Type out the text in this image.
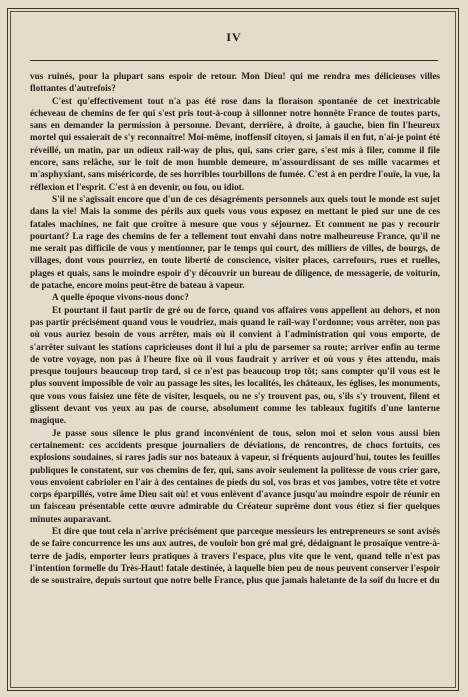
IV

vus ruinés, pour la plupart sans espoir de retour. Mon Dieu! qui me rendra mes délicieuses villes flottantes d'autrefois?

C'est qu'effectivement tout n'a pas été rose dans la floraison spontanée de cet inextricable écheveau de chemins de fer qui s'est pris tout-à-coup à sillonner notre honnête France de toutes parts, sans en demander la permission à personne. Devant, derrière, à droite, à gauche, bien fin l'heureux mortel qui essaierait de s'y reconnaître! Moi-même, inoffensif citoyen, si jamais il en fut, n'ai-je point été réveillé, un matin, par un odieux rail-way de plus, qui, sans crier gare, s'est mis à filer, comme il file encore, sans relâche, sur le toit de mon humble demeure, m'assourdissant de ses mille vacarmes et m'asphyxiant, sans miséricorde, de ses horribles tourbillons de fumée. C'est à en perdre l'ouïe, la vue, la réflexion et l'esprit. C'est à en devenir, ou fou, ou idiot.

S'il ne s'agissait encore que d'un de ces désagréments personnels aux quels tout le monde est sujet dans la vie! Mais la somme des périls aux quels vous vous exposez en mettant le pied sur une de ces fatales machines, ne fait que croître à mesure que vous y séjournez. Et comment ne pas y recourir pourtant? La rage des chemins de fer a tellement tout envahi dans notre malheureuse France, qu'il ne me serait pas difficile de vous y mentionner, par le temps qui court, des milliers de villes, de bourgs, de villages, dont vous pourriez, en toute liberté de conscience, visiter places, carrefours, rues et ruelles, plages et quais, sans le moindre espoir d'y découvrir un bureau de diligence, de messagerie, de voiturin, de patache, encore moins peut-être de bateau à vapeur.

A quelle époque vivons-nous donc?

Et pourtant il faut partir de gré ou de force, quand vos affaires vous appellent au dehors, et non pas partir précisément quand vous le voudriez, mais quand le rail-way l'ordonne; vous arrêter, non pas où vous auriez besoin de vous arrêter, mais où il convient à l'administration qui vous emporte, de s'arrêter suivant les stations capricieuses dont il lui a plu de parsemer sa route; arriver enfin au terme de votre voyage, non pas à l'heure fixe où il vous faudrait y arriver et où vous y êtes attendu, mais presque toujours beaucoup trop tard, si ce n'est pas beaucoup trop tôt; sans compter qu'il vous est le plus souvent impossible de voir au passage les sites, les localités, les châteaux, les églises, les monuments, que vous vous faisiez une fête de visiter, lesquels, ou ne s'y trouvent pas, ou, s'ils s'y trouvent, filent et glissent devant vos yeux au pas de course, absolument comme les tableaux fugitifs d'une lanterne magique.

Je passe sous silence le plus grand inconvénient de tous, selon moi et selon vous aussi bien certainement: ces accidents presque journaliers de déviations, de rencontres, de chocs fortuits, ces explosions soudaines, si rares jadis sur nos bateaux à vapeur, si fréquents aujourd'hui, toutes les feuilles publiques le constatent, sur vos chemins de fer, qui, sans avoir seulement la politesse de vous crier gare, vous envoient cabrioler en l'air à des centaines de pieds du sol, vos bras et vos jambes, votre tête et votre corps éparpillés, votre âme Dieu sait où! et vous enlèvent d'avance jusqu'au moindre espoir de réunir en un faisceau présentable cette œuvre admirable du Créateur suprême dont vous étiez si fier quelques minutes auparavant.

Et dire que tout cela n'arrive précisément que parceque messieurs les entrepreneurs se sont avisés de se faire concurrence les uns aux autres, de vouloir bon gré mal gré, dédaignant le prosaïque ventre-à-terre de jadis, emporter leurs pratiques à travers l'espace, plus vite que le vent, quand telle n'est pas l'intention formelle du Très-Haut! fatale destinée, à laquelle bien peu de nous peuvent conserver l'espoir de se soustraire, depuis surtout que notre belle France, plus que jamais haletante de la soif du lucre et du
